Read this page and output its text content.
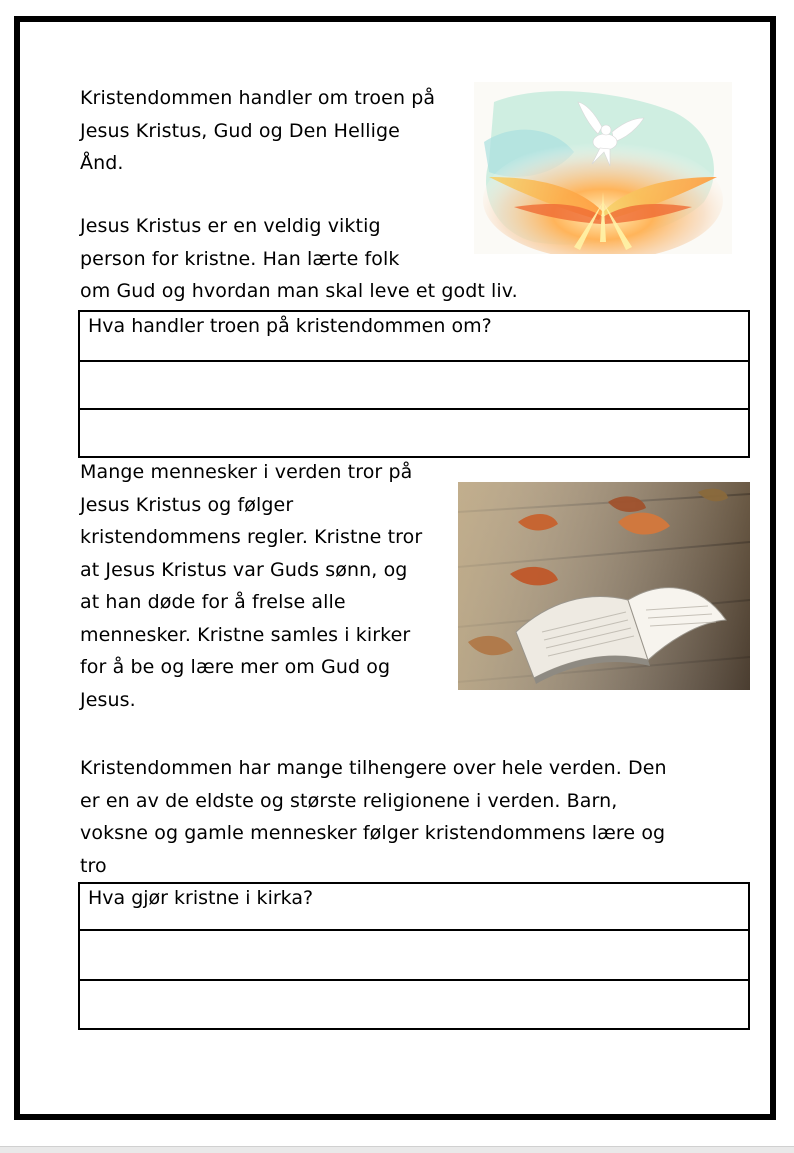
Kristendommen handler om troen på
Jesus Kristus, Gud og Den Hellige
Ånd.

Jesus Kristus er en veldig viktig
person for kristne. Han lærte folk
om Gud og hvordan man skal leve et godt liv.

Hva handler troen på kristendommen om?

Mange mennesker i verden tror på
Jesus Kristus og følger
kristendommens regler. Kristne tror
at Jesus Kristus var Guds sønn, og
at han døde for å frelse alle
mennesker. Kristne samles i kirker
for å be og lære mer om Gud og
Jesus.

Kristendommen har mange tilhengere over hele verden. Den
er en av de eldste og største religionene i verden. Barn,
voksne og gamle mennesker følger kristendommens lære og
tro

Hva gjør kristne i kirka?
